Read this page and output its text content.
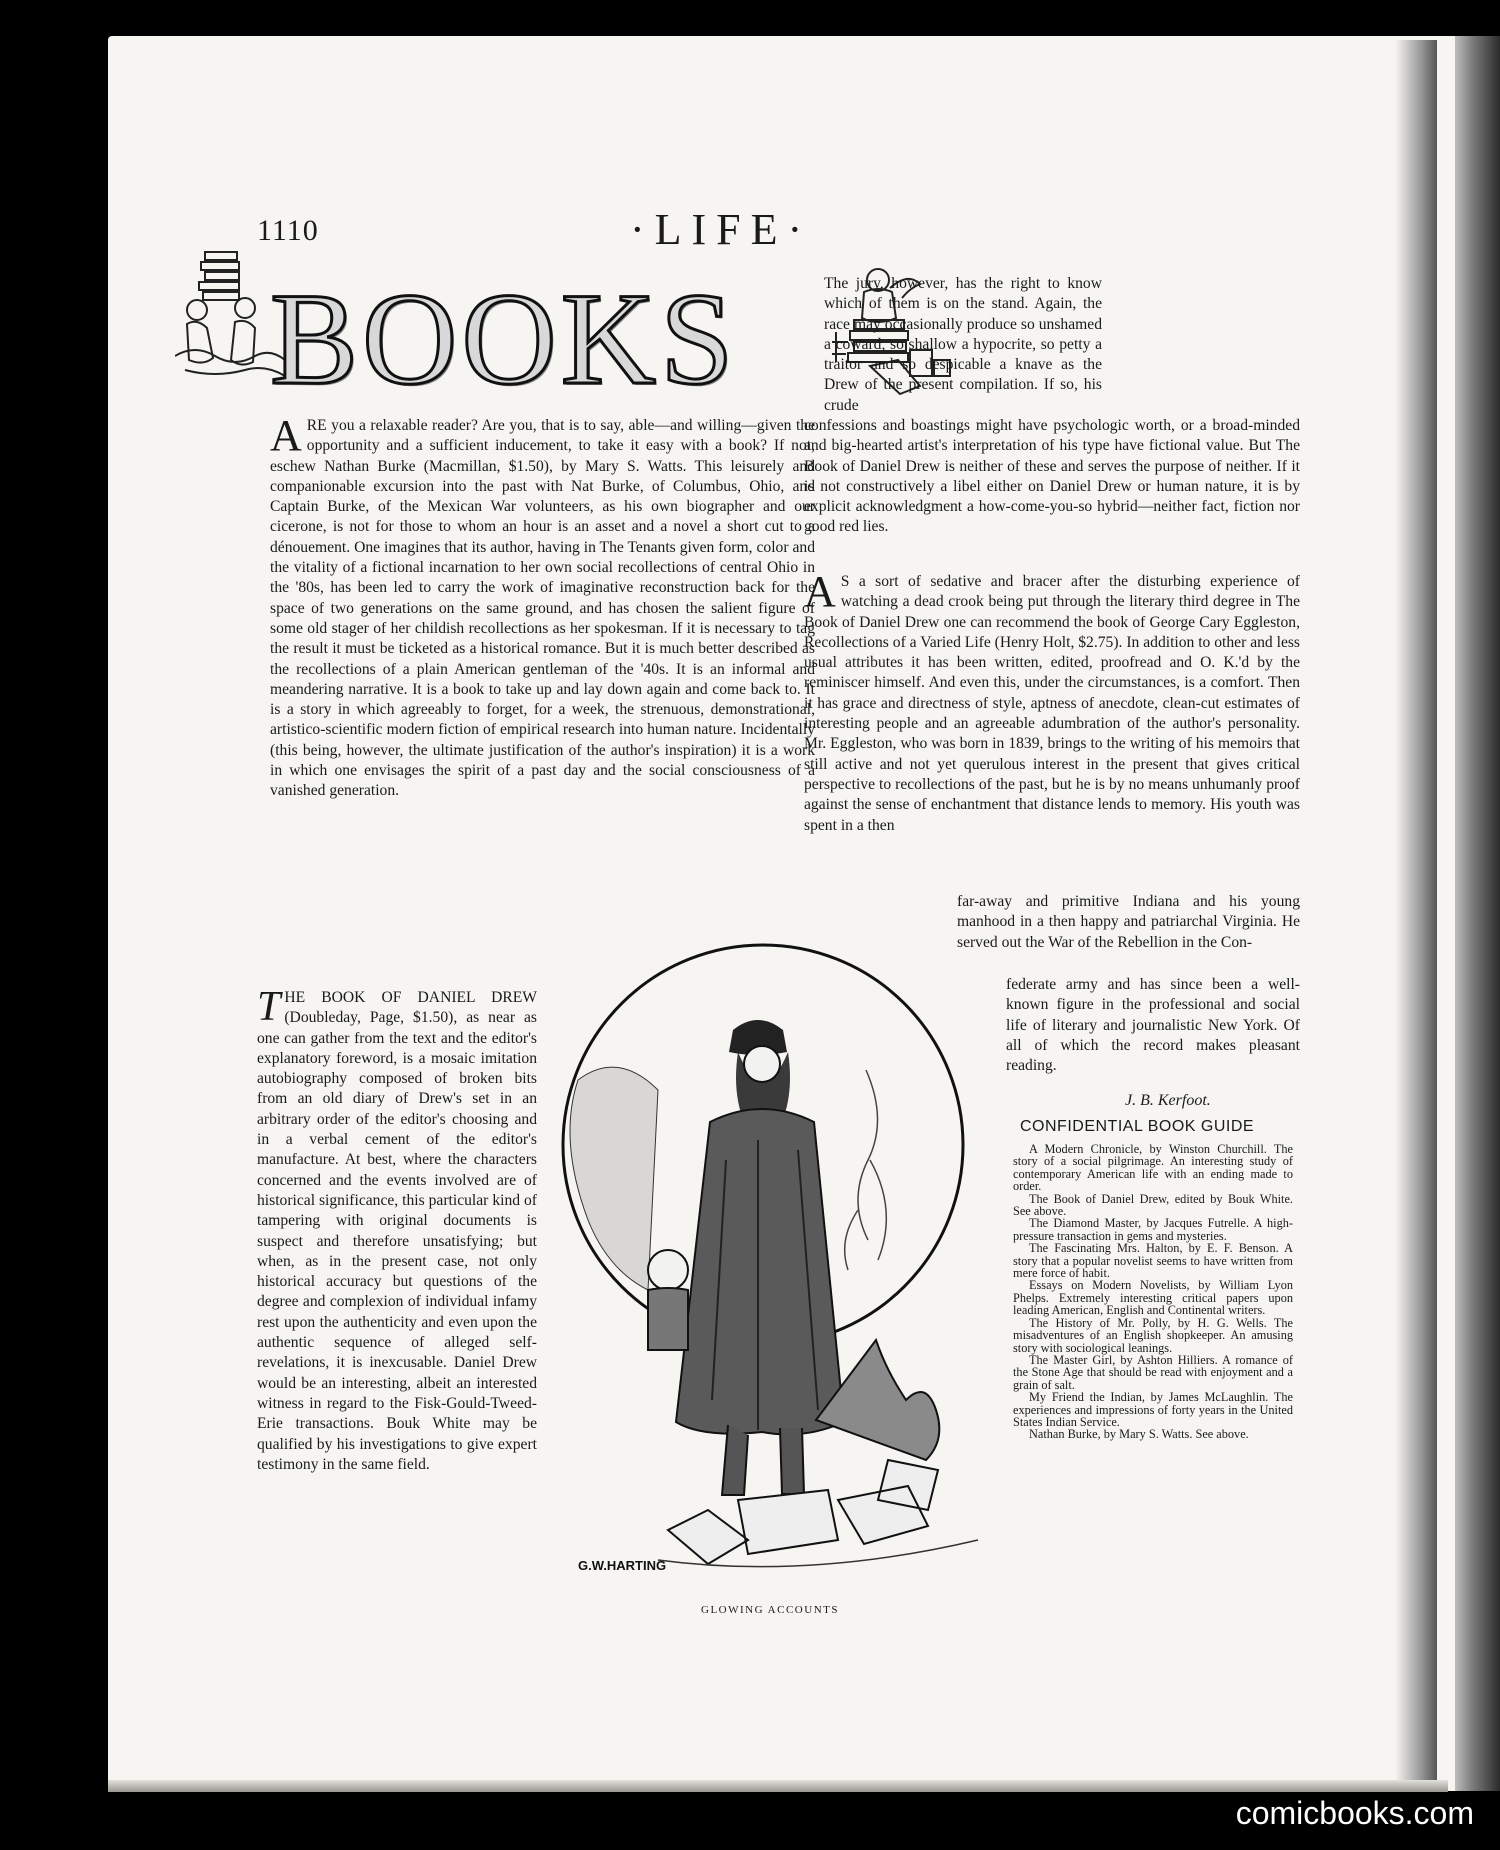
1110	·LIFE·
BOOKS	The jury, however, has the right to know which of them is on the stand. Again, the race may occasionally produce so unshamed a coward, so shallow a hypocrite, so petty a traitor and so despicable a knave as the Drew of the present compilation. If so, his crude

ARE you a relaxable reader? Are you, that is to say, able—and willing—given the opportunity and a sufficient inducement, to take it easy with a book? If not, eschew Nathan Burke (Macmillan, $1.50), by Mary S. Watts. This leisurely and companionable excursion into the past with Nat Burke, of Columbus, Ohio, and Captain Burke, of the Mexican War volunteers, as his own biographer and our cicerone, is not for those to whom an hour is an asset and a novel a short cut to a dénouement. One imagines that its author, having in The Tenants given form, color and the vitality of a fictional incarnation to her own social recollections of central Ohio in the '80s, has been led to carry the work of imaginative reconstruction back for the space of two generations on the same ground, and has chosen the salient figure of some old stager of her childish recollections as her spokesman. If it is necessary to tag the result it must be ticketed as a historical romance. But it is much better described as the recollections of a plain American gentleman of the '40s. It is an informal and meandering narrative. It is a book to take up and lay down again and come back to. It is a story in which agreeably to forget, for a week, the strenuous, demonstrational, artistico-scientific modern fiction of empirical research into human nature. Incidentally (this being, however, the ultimate justification of the author's inspiration) it is a work in which one envisages the spirit of a past day and the social consciousness of a vanished generation.

confessions and boastings might have psychologic worth, or a broad-minded and big-hearted artist's interpretation of his type have fictional value. But The Book of Daniel Drew is neither of these and serves the purpose of neither. If it is not constructively a libel either on Daniel Drew or human nature, it is by explicit acknowledgment a how-come-you-so hybrid—neither fact, fiction nor good red lies.

A S a sort of sedative and bracer after the disturbing experience of watching a dead crook being put through the literary third degree in The Book of Daniel Drew one can recommend the book of George Cary Eggleston, Recollections of a Varied Life (Henry Holt, $2.75). In addition to other and less usual attributes it has been written, edited, proofread and O. K.'d by the reminiscer himself. And even this, under the circumstances, is a comfort. Then it has grace and directness of style, aptness of anecdote, clean-cut estimates of interesting people and an agreeable adumbration of the author's personality. Mr. Eggleston, who was born in 1839, brings to the writing of his memoirs that still active and not yet querulous interest in the present that gives critical perspective to recollections of the past, but he is by no means unhumanly proof against the sense of enchantment that distance lends to memory. His youth was spent in a then

far-away and primitive Indiana and his young manhood in a then happy and patriarchal Virginia. He served out the War of the Rebellion in the Con-

federate army and has since been a well-known figure in the professional and social life of literary and journalistic New York. Of all of which the record makes pleasant reading.

THE BOOK OF DANIEL DREW (Doubleday, Page, $1.50), as near as one can gather from the text and the editor's explanatory foreword, is a mosaic imitation autobiography composed of broken bits from an old diary of Drew's set in an arbitrary order of the editor's choosing and in a verbal cement of the editor's manufacture. At best, where the characters concerned and the events involved are of historical significance, this particular kind of tampering with original documents is suspect and therefore unsatisfying; but when, as in the present case, not only historical accuracy but questions of the degree and complexion of individual infamy rest upon the authenticity and even upon the authentic sequence of alleged self-revelations, it is inexcusable. Daniel Drew would be an interesting, albeit an interested witness in regard to the Fisk-Gould-Tweed-Erie transactions. Bouk White may be qualified by his investigations to give expert testimony in the same field.

G.W.HARTING
GLOWING ACCOUNTS
J. B. Kerfoot.
CONFIDENTIAL BOOK GUIDE

A Modern Chronicle, by Winston Churchill. The story of a social pilgrimage. An interesting study of contemporary American life with an ending made to order.

The Book of Daniel Drew, edited by Bouk White. See above.

The Diamond Master, by Jacques Futrelle. A high-pressure transaction in gems and mysteries.

The Fascinating Mrs. Halton, by E. F. Benson. A story that a popular novelist seems to have written from mere force of habit.

Essays on Modern Novelists, by William Lyon Phelps. Extremely interesting critical papers upon leading American, English and Continental writers.

The History of Mr. Polly, by H. G. Wells. The misadventures of an English shopkeeper. An amusing story with sociological leanings.

The Master Girl, by Ashton Hilliers. A romance of the Stone Age that should be read with enjoyment and a grain of salt.

My Friend the Indian, by James McLaughlin. The experiences and impressions of forty years in the United States Indian Service.

Nathan Burke, by Mary S. Watts. See above.

comicbooks.com
